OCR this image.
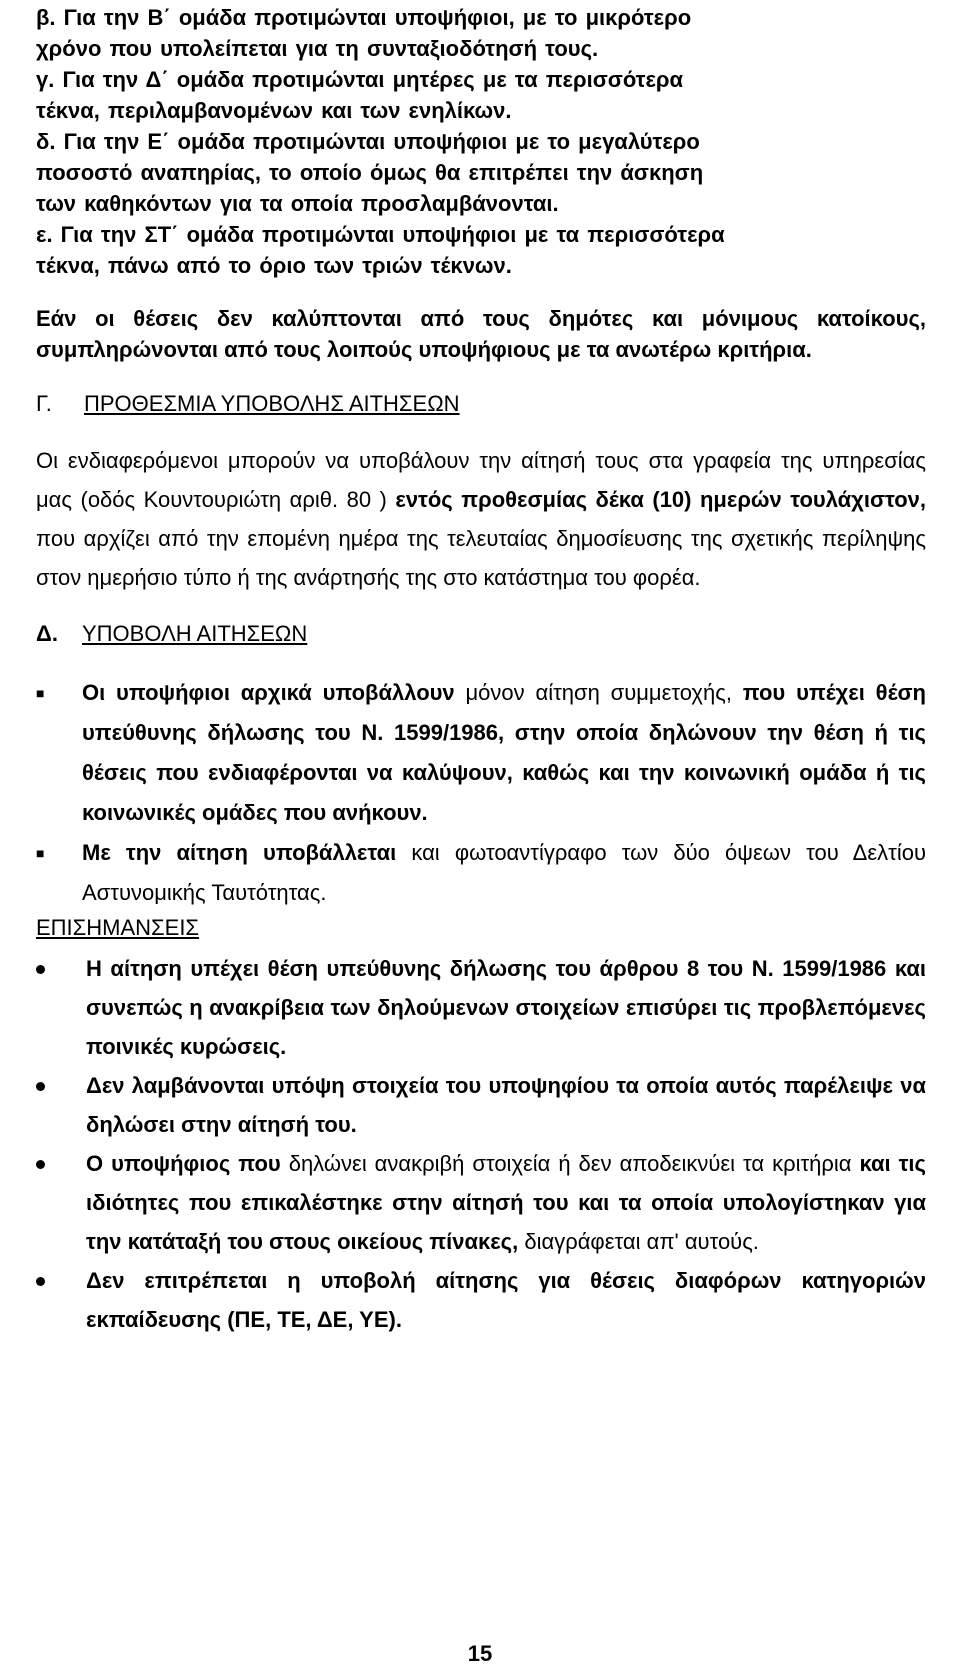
β. Για την Β΄ ομάδα προτιμώνται υποψήφιοι, με το μικρότερο
χρόνο που υπολείπεται για τη συνταξιοδότησή τους.
γ. Για την Δ΄ ομάδα προτιμώνται μητέρες με τα περισσότερα
τέκνα, περιλαμβανομένων και των ενηλίκων.
δ. Για την Ε΄ ομάδα προτιμώνται υποψήφιοι με το μεγαλύτερο
ποσοστό αναπηρίας, το οποίο όμως θα επιτρέπει την άσκηση
των καθηκόντων για τα οποία προσλαμβάνονται.
ε. Για την ΣΤ΄ ομάδα προτιμώνται υποψήφιοι με τα περισσότερα
τέκνα, πάνω από το όριο των τριών τέκνων.

Εάν οι θέσεις δεν καλύπτονται από τους δημότες και μόνιμους κατοίκους, συμπληρώνονται από τους λοιπούς υποψήφιους με τα ανωτέρω κριτήρια.

Γ. ΠΡΟΘΕΣΜΙΑ ΥΠΟΒΟΛΗΣ ΑΙΤΗΣΕΩΝ

Οι ενδιαφερόμενοι μπορούν να υποβάλουν την αίτησή τους στα γραφεία της υπηρεσίας μας (οδός Κουντουριώτη αριθ. 80 ) εντός προθεσμίας δέκα (10) ημερών τουλάχιστον, που αρχίζει από την επομένη ημέρα της τελευταίας δημοσίευσης της σχετικής περίληψης στον ημερήσιο τύπο ή της ανάρτησής της στο κατάστημα του φορέα.

Δ. ΥΠΟΒΟΛΗ ΑΙΤΗΣΕΩΝ
■ Οι υποψήφιοι αρχικά υποβάλλουν μόνον αίτηση συμμετοχής, που υπέχει θέση υπεύθυνης δήλωσης του Ν. 1599/1986, στην οποία δηλώνουν την θέση ή τις θέσεις που ενδιαφέρονται να καλύψουν, καθώς και την κοινωνική ομάδα ή τις κοινωνικές ομάδες που ανήκουν.
■ Με την αίτηση υποβάλλεται και φωτοαντίγραφο των δύο όψεων του Δελτίου Αστυνομικής Ταυτότητας.
ΕΠΙΣΗΜΑΝΣΕΙΣ
Η αίτηση υπέχει θέση υπεύθυνης δήλωσης του άρθρου 8 του Ν. 1599/1986 και συνεπώς η ανακρίβεια των δηλούμενων στοιχείων επισύρει τις προβλεπόμενες ποινικές κυρώσεις.
Δεν λαμβάνονται υπόψη στοιχεία του υποψηφίου τα οποία αυτός παρέλειψε να δηλώσει στην αίτησή του.
Ο υποψήφιος που δηλώνει ανακριβή στοιχεία ή δεν αποδεικνύει τα κριτήρια και τις ιδιότητες που επικαλέστηκε στην αίτησή του και τα οποία υπολογίστηκαν για την κατάταξή του στους οικείους πίνακες, διαγράφεται απ' αυτούς.
Δεν επιτρέπεται η υποβολή αίτησης για θέσεις διαφόρων κατηγοριών εκπαίδευσης (ΠΕ, ΤΕ, ΔΕ, ΥΕ).
15
